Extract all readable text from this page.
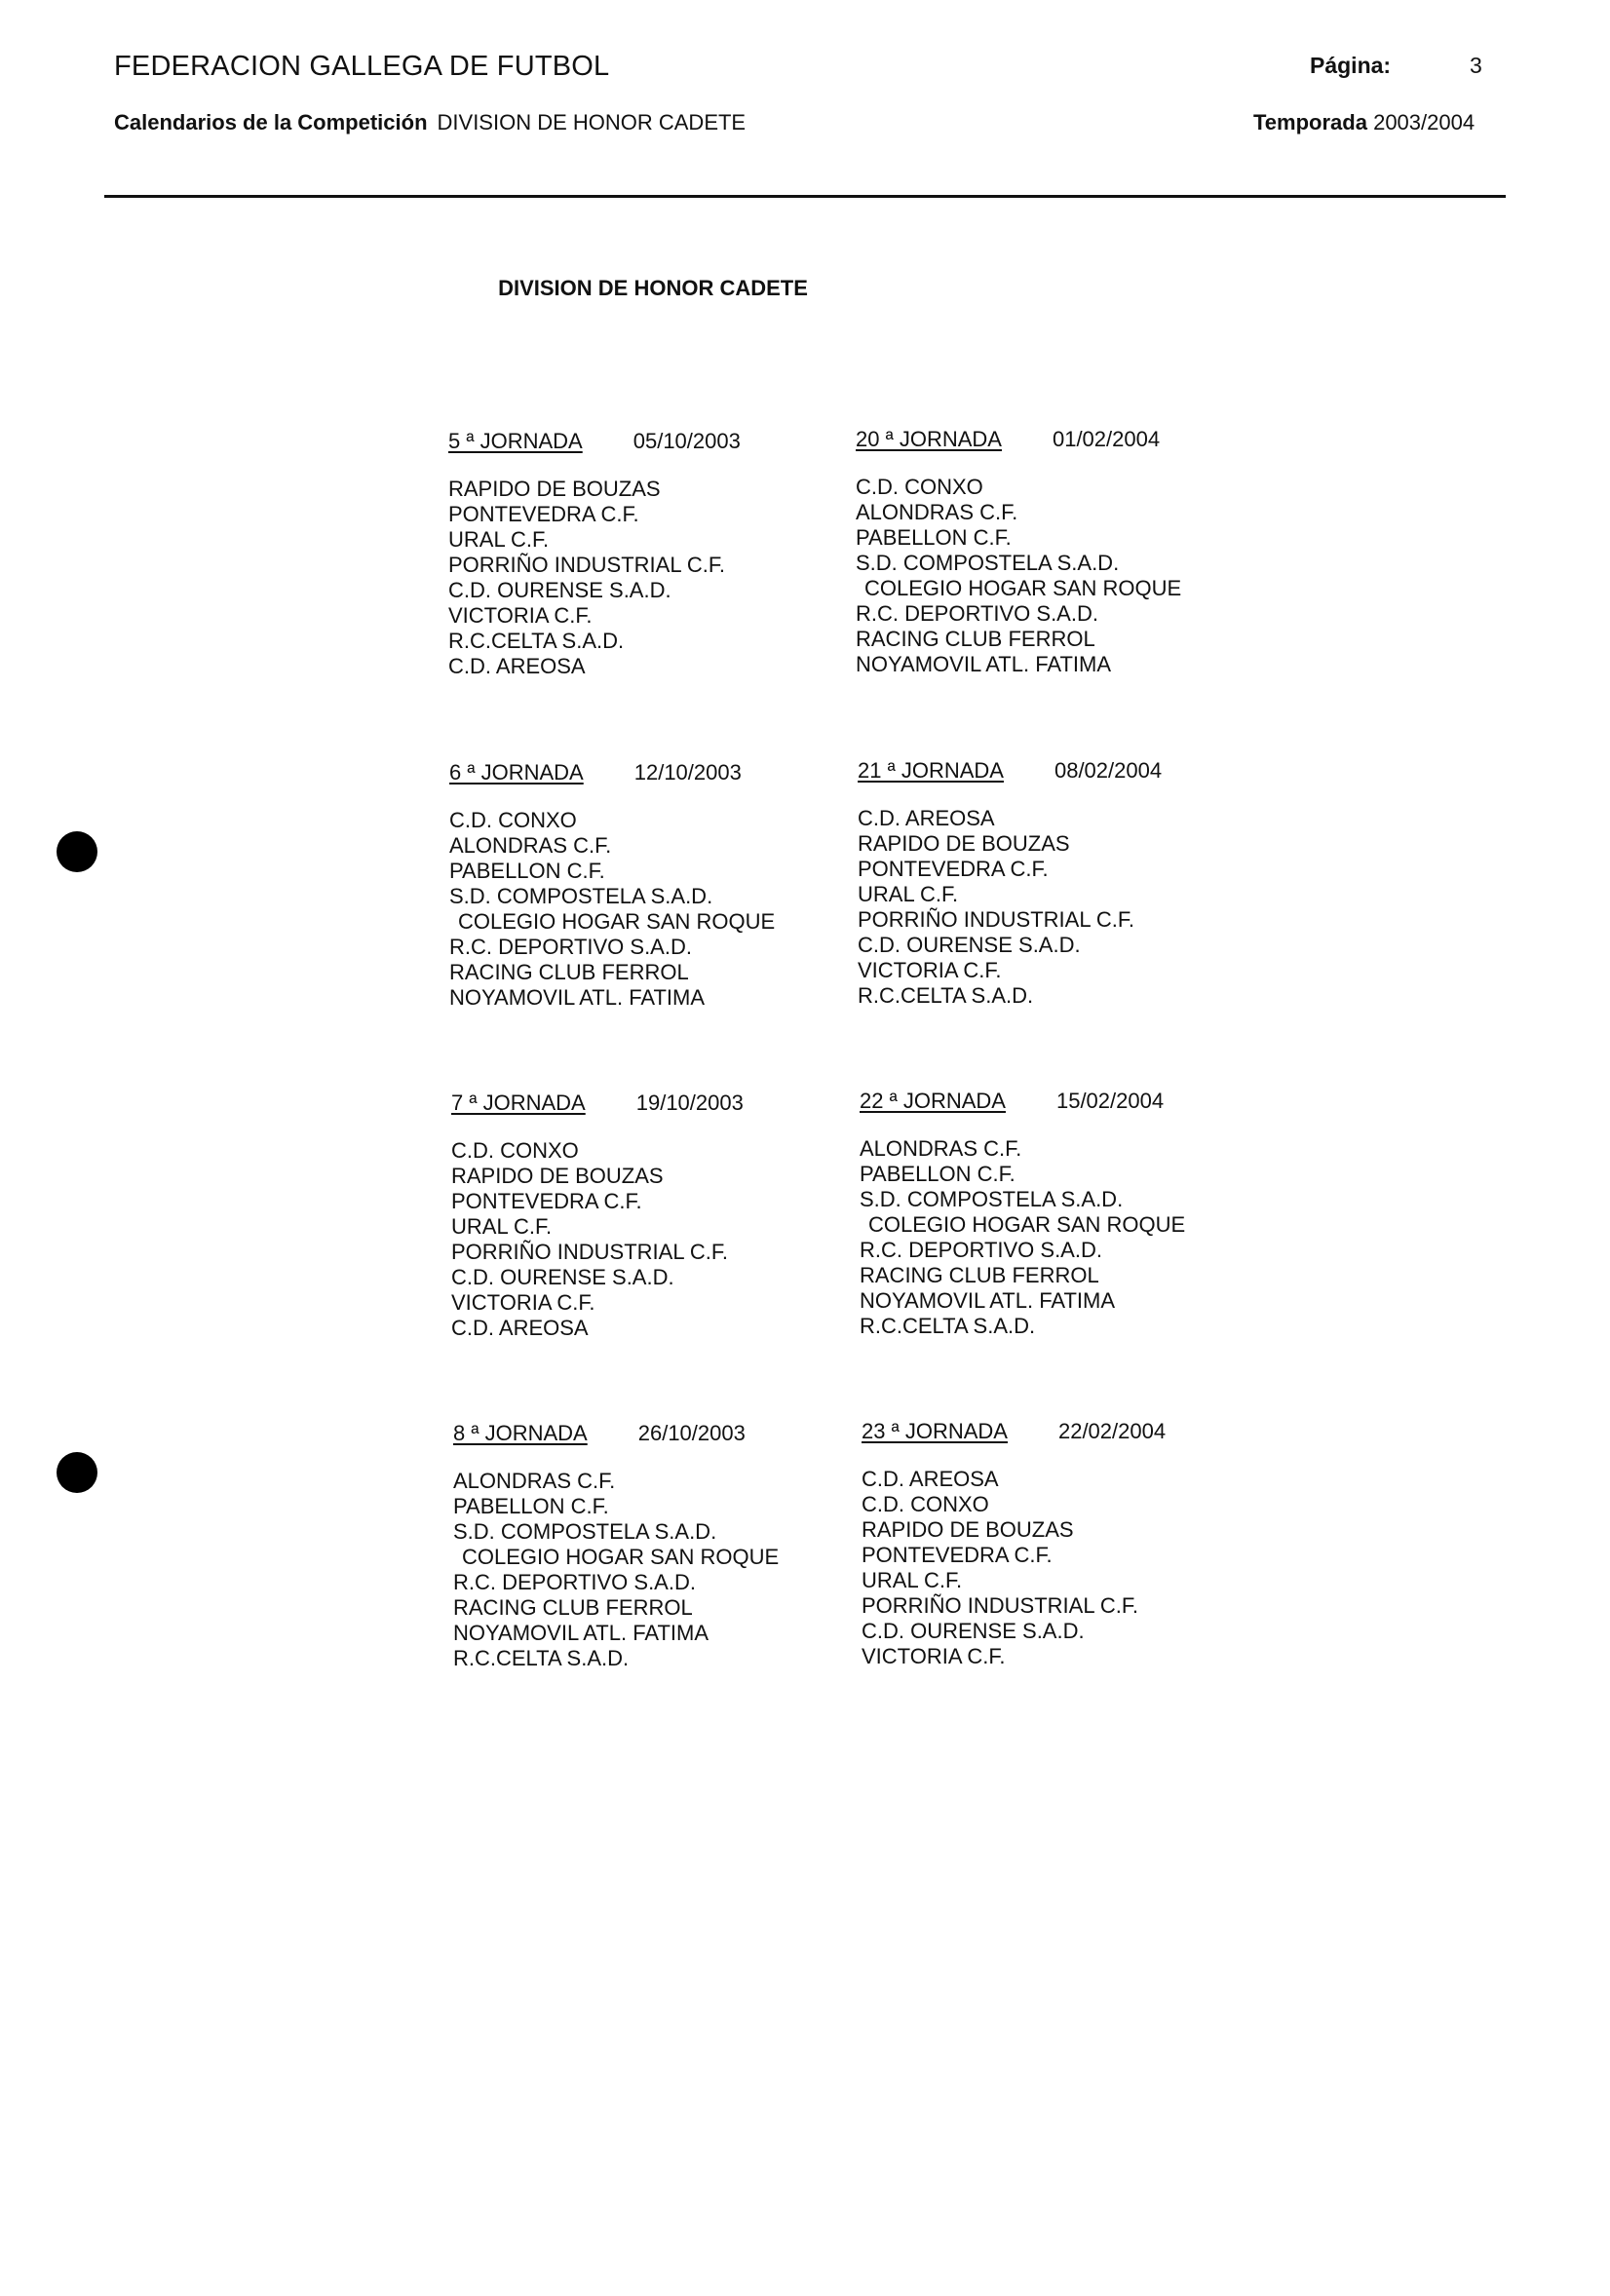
FEDERACION GALLEGA DE FUTBOL
Calendarios de la Competición DIVISION DE HONOR CADETE
Página:	3
Temporada 2003/2004
DIVISION DE HONOR CADETE
5 ª JORNADA 05/10/2003
RAPIDO DE BOUZAS
PONTEVEDRA C.F.
URAL C.F.
PORRIÑO INDUSTRIAL C.F.
C.D. OURENSE S.A.D.
VICTORIA C.F.
R.C.CELTA S.A.D.
C.D. AREOSA
20 ª JORNADA 01/02/2004
C.D. CONXO
ALONDRAS C.F.
PABELLON C.F.
S.D. COMPOSTELA S.A.D.
COLEGIO HOGAR SAN ROQUE
R.C. DEPORTIVO S.A.D.
RACING CLUB FERROL
NOYAMOVIL ATL. FATIMA
6 ª JORNADA 12/10/2003
C.D. CONXO
ALONDRAS C.F.
PABELLON C.F.
S.D. COMPOSTELA S.A.D.
COLEGIO HOGAR SAN ROQUE
R.C. DEPORTIVO S.A.D.
RACING CLUB FERROL
NOYAMOVIL ATL. FATIMA
21 ª JORNADA 08/02/2004
C.D. AREOSA
RAPIDO DE BOUZAS
PONTEVEDRA C.F.
URAL C.F.
PORRIÑO INDUSTRIAL C.F.
C.D. OURENSE S.A.D.
VICTORIA C.F.
R.C.CELTA S.A.D.
7 ª JORNADA 19/10/2003
C.D. CONXO
RAPIDO DE BOUZAS
PONTEVEDRA C.F.
URAL C.F.
PORRIÑO INDUSTRIAL C.F.
C.D. OURENSE S.A.D.
VICTORIA C.F.
C.D. AREOSA
22 ª JORNADA 15/02/2004
ALONDRAS C.F.
PABELLON C.F.
S.D. COMPOSTELA S.A.D.
COLEGIO HOGAR SAN ROQUE
R.C. DEPORTIVO S.A.D.
RACING CLUB FERROL
NOYAMOVIL ATL. FATIMA
R.C.CELTA S.A.D.
8 ª JORNADA 26/10/2003
ALONDRAS C.F.
PABELLON C.F.
S.D. COMPOSTELA S.A.D.
COLEGIO HOGAR SAN ROQUE
R.C. DEPORTIVO S.A.D.
RACING CLUB FERROL
NOYAMOVIL ATL. FATIMA
R.C.CELTA S.A.D.
23 ª JORNADA 22/02/2004
C.D. AREOSA
C.D. CONXO
RAPIDO DE BOUZAS
PONTEVEDRA C.F.
URAL C.F.
PORRIÑO INDUSTRIAL C.F.
C.D. OURENSE S.A.D.
VICTORIA C.F.
